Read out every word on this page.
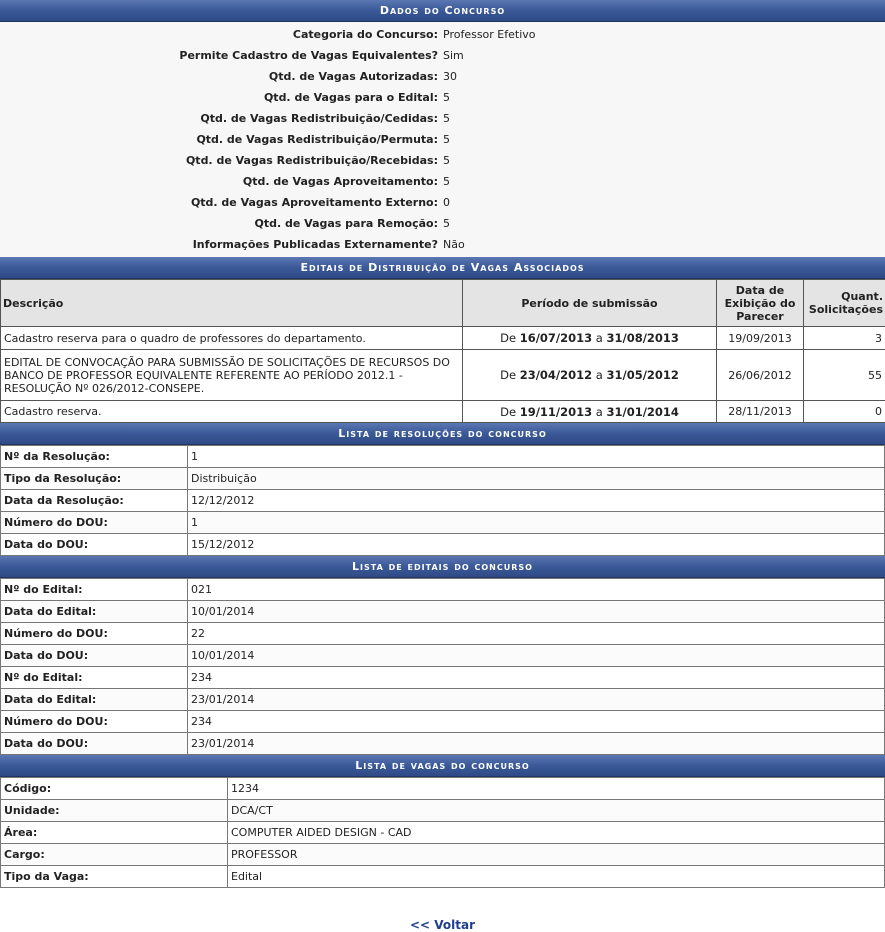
Dados do Concurso
Categoria do Concurso: Professor Efetivo
Permite Cadastro de Vagas Equivalentes? Sim
Qtd. de Vagas Autorizadas: 30
Qtd. de Vagas para o Edital: 5
Qtd. de Vagas Redistribuição/Cedidas: 5
Qtd. de Vagas Redistribuição/Permuta: 5
Qtd. de Vagas Redistribuição/Recebidas: 5
Qtd. de Vagas Aproveitamento: 5
Qtd. de Vagas Aproveitamento Externo: 0
Qtd. de Vagas para Remoção: 5
Informações Publicadas Externamente? Não
Editais de Distribuição de Vagas Associados
Descrição	Período de submissão	Data de Exibição do Parecer	Quant. Solicitações
Cadastro reserva para o quadro de professores do departamento.	De 16/07/2013 a 31/08/2013	19/09/2013	3
EDITAL DE CONVOCAÇÃO PARA SUBMISSÃO DE SOLICITAÇÕES DE RECURSOS DO BANCO DE PROFESSOR EQUIVALENTE REFERENTE AO PERÍODO 2012.1 - RESOLUÇÃO Nº 026/2012-CONSEPE.	De 23/04/2012 a 31/05/2012	26/06/2012	55
Cadastro reserva.	De 19/11/2013 a 31/01/2014	28/11/2013	0
Lista de resoluções do concurso
Nº da Resolução:	1
Tipo da Resolução:	Distribuição
Data da Resolução:	12/12/2012
Número do DOU:	1
Data do DOU:	15/12/2012
Lista de editais do concurso
Nº do Edital:	021
Data do Edital:	10/01/2014
Número do DOU:	22
Data do DOU:	10/01/2014
Nº do Edital:	234
Data do Edital:	23/01/2014
Número do DOU:	234
Data do DOU:	23/01/2014
Lista de vagas do concurso
Código:	1234
Unidade:	DCA/CT
Área:	COMPUTER AIDED DESIGN - CAD
Cargo:	PROFESSOR
Tipo da Vaga:	Edital
<< Voltar
